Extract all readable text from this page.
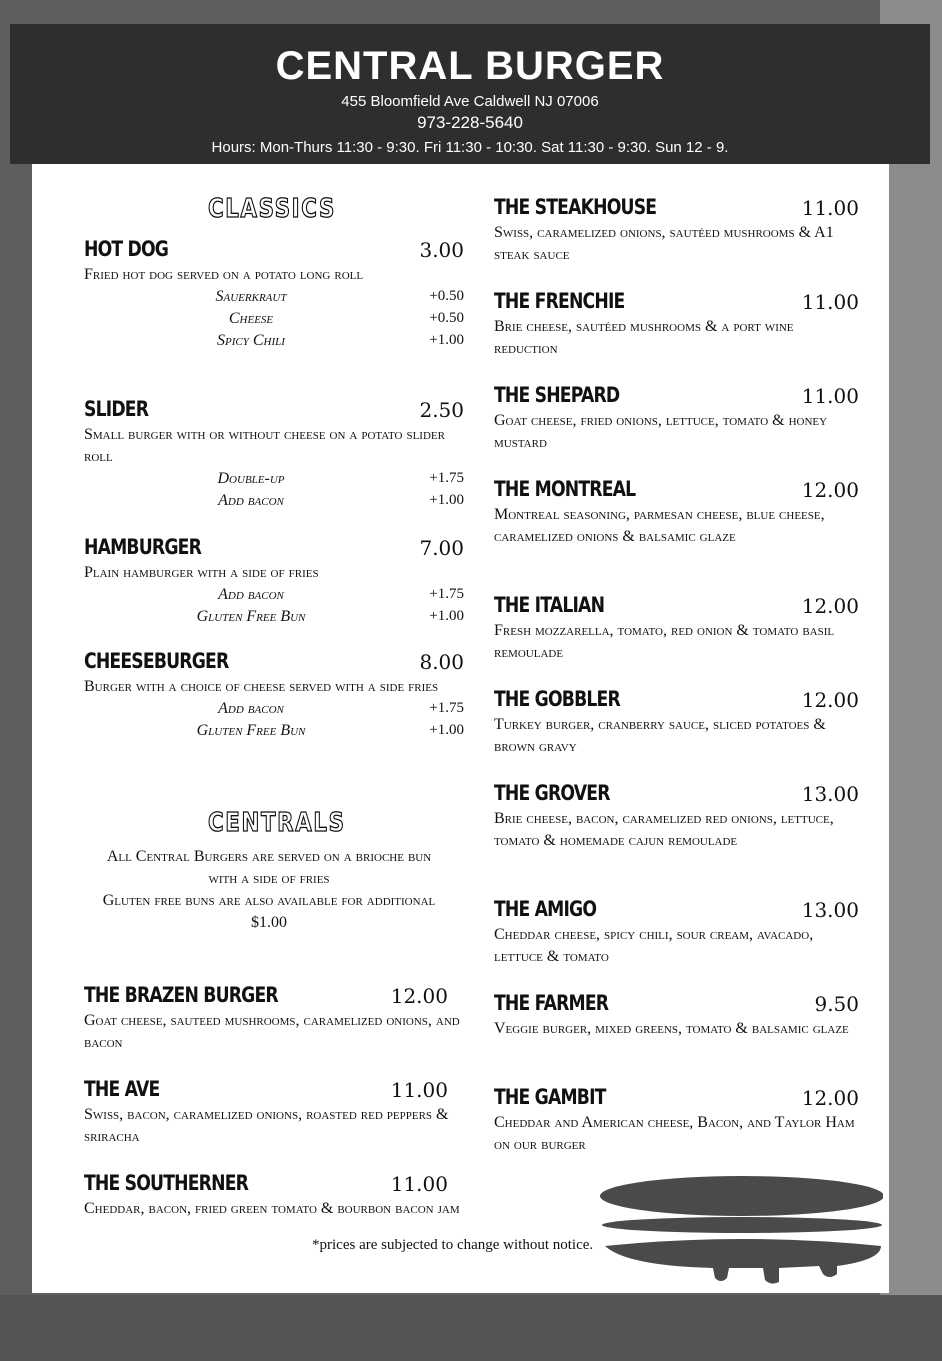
CENTRAL BURGER
455 Bloomfield Ave Caldwell NJ 07006
973-228-5640
Hours: Mon-Thurs 11:30 - 9:30. Fri 11:30 - 10:30. Sat 11:30 - 9:30. Sun 12 - 9.
CLASSICS
HOT DOG	3.00
Fried hot dog served on a potato long roll
Sauerkraut	+0.50
Cheese	+0.50
Spicy Chili	+1.00
SLIDER	2.50
Small burger with or without cheese on a potato slider roll
Double-up	+1.75
Add bacon	+1.00
HAMBURGER	7.00
Plain hamburger with a side of fries
Add bacon	+1.75
Gluten Free Bun	+1.00
CHEESEBURGER	8.00
Burger with a choice of cheese served with a side fries
Add bacon	+1.75
Gluten Free Bun	+1.00
CENTRALS
All Central Burgers are served on a brioche bun with a side of fries
Gluten free buns are also available for additional $1.00
THE BRAZEN BURGER	12.00
Goat cheese, sauteed mushrooms, caramelized onions, and bacon
THE AVE	11.00
Swiss, bacon, caramelized onions, roasted red peppers & sriracha
THE SOUTHERNER	11.00
Cheddar, bacon, fried green tomato & bourbon bacon jam
THE STEAKHOUSE	11.00
Swiss, caramelized onions, sautéed mushrooms & A1 steak sauce
THE FRENCHIE	11.00
Brie cheese, sautéed mushrooms & a port wine reduction
THE SHEPARD	11.00
Goat cheese, fried onions, lettuce, tomato & honey mustard
THE MONTREAL	12.00
Montreal seasoning, parmesan cheese, blue cheese, caramelized onions & balsamic glaze
THE ITALIAN	12.00
Fresh mozzarella, tomato, red onion & tomato basil remoulade
THE GOBBLER	12.00
Turkey burger, cranberry sauce, sliced potatoes & brown gravy
THE GROVER	13.00
Brie cheese, bacon, caramelized red onions, lettuce, tomato & homemade cajun remoulade
THE AMIGO	13.00
Cheddar cheese, spicy chili, sour cream, avacado, lettuce & tomato
THE FARMER	9.50
Veggie burger, mixed greens, tomato & balsamic glaze
THE GAMBIT	12.00
Cheddar and American cheese, Bacon, and Taylor Ham on our burger
*prices are subjected to change without notice.
